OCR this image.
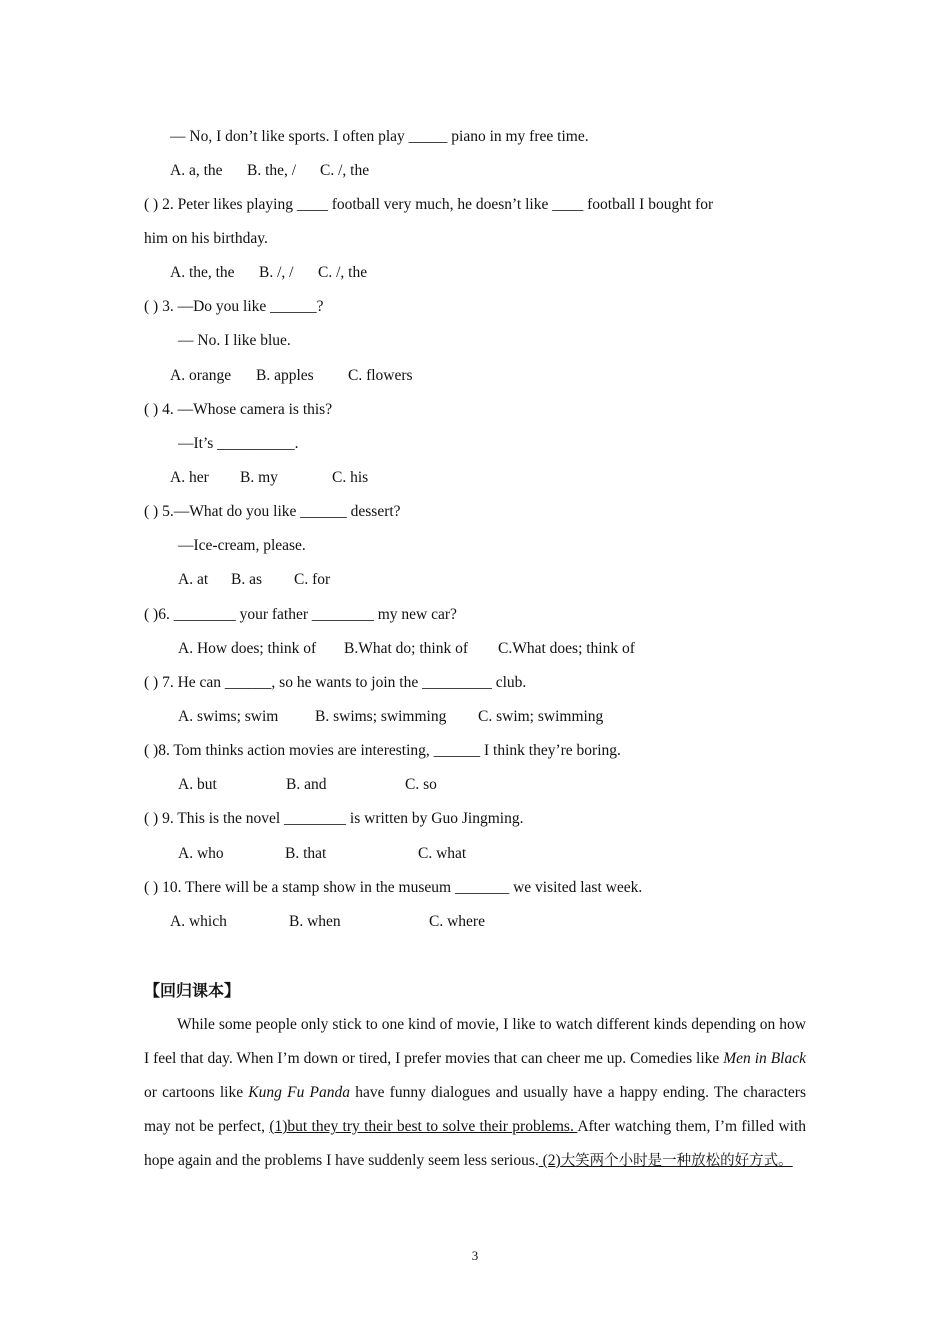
— No, I don’t like sports. I often play _____ piano in my free time.
A. a, the B. the, / C. /, the
( ) 2. Peter likes playing ____ football very much, he doesn’t like ____ football I bought for
him on his birthday.
A. the, the B. /, / C. /, the
( ) 3. —Do you like ______?
— No. I like blue.
A. orange B. apples C. flowers
( ) 4. —Whose camera is this?
—It’s __________.
A. her B. my	C. his
( ) 5.—What do you like ______ dessert?
—Ice-cream, please.
A. at B. as C. for
( )6. ________ your father ________ my new car?
A. How does; think of B.What do; think of C.What does; think of
( ) 7. He can ______, so he wants to join the _________ club.
A. swims; swim B. swims; swimming C. swim; swimming
( )8. Tom thinks action movies are interesting, ______ I think they’re boring.
A. but	B. and	C. so
( ) 9. This is the novel ________ is written by Guo Jingming.
A. who	B. that	C. what
( ) 10. There will be a stamp show in the museum _______ we visited last week.
A. which	B. when	C. where
【回归课本】

While some people only stick to one kind of movie, I like to watch different kinds depending on how I feel that day. When I’m down or tired, I prefer movies that can cheer me up. Comedies like Men in Black or cartoons like Kung Fu Panda have funny dialogues and usually have a happy ending. The characters may not be perfect, (1)but they try their best to solve their problems. After watching them, I’m filled with hope again and the problems I have suddenly seem less serious. (2)大笑两个小时是一种放松的好方式。

3
